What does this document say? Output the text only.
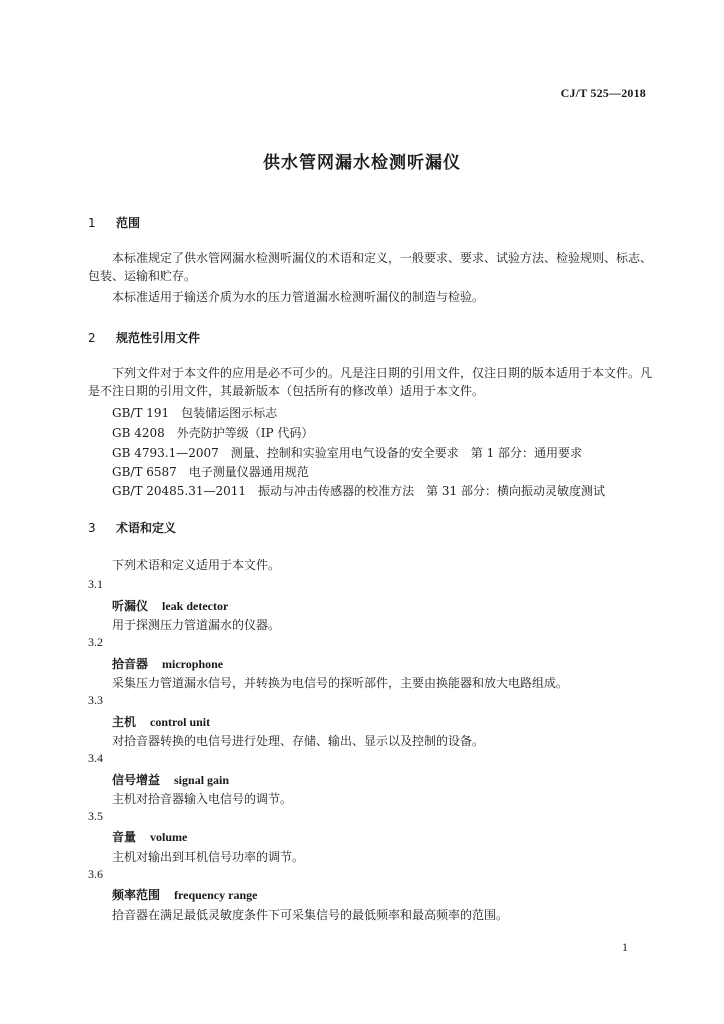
CJ/T 525—2018
供水管网漏水检测听漏仪
1 范围
本标准规定了供水管网漏水检测听漏仪的术语和定义，一般要求、要求、试验方法、检验规则、标志、包装、运输和贮存。
本标准适用于输送介质为水的压力管道漏水检测听漏仪的制造与检验。
2 规范性引用文件
下列文件对于本文件的应用是必不可少的。凡是注日期的引用文件，仅注日期的版本适用于本文件。凡是不注日期的引用文件，其最新版本（包括所有的修改单）适用于本文件。
GB/T 191　包装储运图示标志
GB 4208　外壳防护等级（IP 代码）
GB 4793.1—2007　测量、控制和实验室用电气设备的安全要求　第 1 部分：通用要求
GB/T 6587　电子测量仪器通用规范
GB/T 20485.31—2011　振动与冲击传感器的校准方法　第 31 部分：横向振动灵敏度测试
3 术语和定义
下列术语和定义适用于本文件。
3.1
听漏仪 leak detector
用于探测压力管道漏水的仪器。
3.2
拾音器 microphone
采集压力管道漏水信号，并转换为电信号的探听部件，主要由换能器和放大电路组成。
3.3
主机 control unit
对拾音器转换的电信号进行处理、存储、输出、显示以及控制的设备。
3.4
信号增益 signal gain
主机对拾音器输入电信号的调节。
3.5
音量 volume
主机对输出到耳机信号功率的调节。
3.6
频率范围 frequency range
拾音器在满足最低灵敏度条件下可采集信号的最低频率和最高频率的范围。
1
